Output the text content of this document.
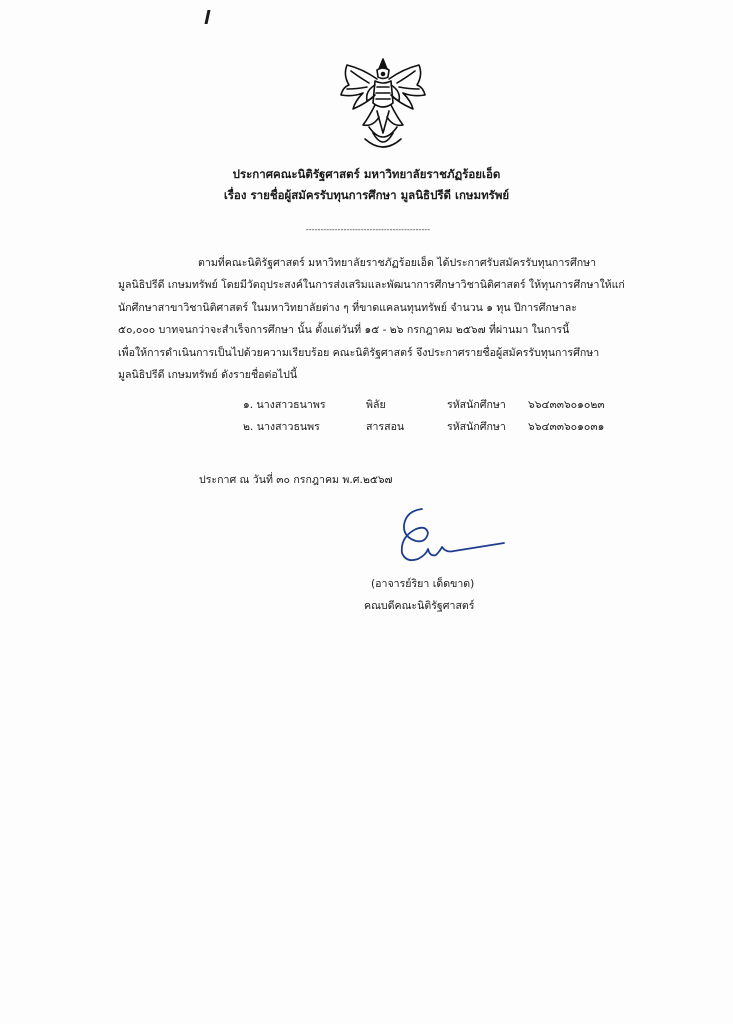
ประกาศคณะนิติรัฐศาสตร์ มหาวิทยาลัยราชภัฏร้อยเอ็ด
เรื่อง รายชื่อผู้สมัครรับทุนการศึกษา มูลนิธิปรีดี เกษมทรัพย์
-------------------------------------------

ตามที่คณะนิติรัฐศาสตร์ มหาวิทยาลัยราชภัฏร้อยเอ็ด ได้ประกาศรับสมัครรับทุนการศึกษา

มูลนิธิปรีดี เกษมทรัพย์ โดยมีวัตถุประสงค์ในการส่งเสริมและพัฒนาการศึกษาวิชานิติศาสตร์ ให้ทุนการศึกษาให้แก่

นักศึกษาสาขาวิชานิติศาสตร์ ในมหาวิทยาลัยต่าง ๆ ที่ขาดแคลนทุนทรัพย์ จำนวน ๑ ทุน ปีการศึกษาละ

๕๐,๐๐๐ บาทจนกว่าจะสำเร็จการศึกษา นั้น ตั้งแต่วันที่ ๑๕ - ๒๖ กรกฎาคม ๒๕๖๗ ที่ผ่านมา ในการนี้

เพื่อให้การดำเนินการเป็นไปด้วยความเรียบร้อย คณะนิติรัฐศาสตร์ จึงประกาศรายชื่อผู้สมัครรับทุนการศึกษา

มูลนิธิปรีดี เกษมทรัพย์ ดังรายชื่อต่อไปนี้

๑. นางสาวธนาพร	พิลัย	รหัสนักศึกษา	๖๖๔๓๓๖๐๑๐๒๓
๒. นางสาวธนพร	สารสอน	รหัสนักศึกษา	๖๖๔๓๓๖๐๑๐๓๑
ประกาศ ณ วันที่ ๓๐ กรกฎาคม พ.ศ.๒๕๖๗
(อาจารย์ริยา เด็ดขาด)
คณบดีคณะนิติรัฐศาสตร์
